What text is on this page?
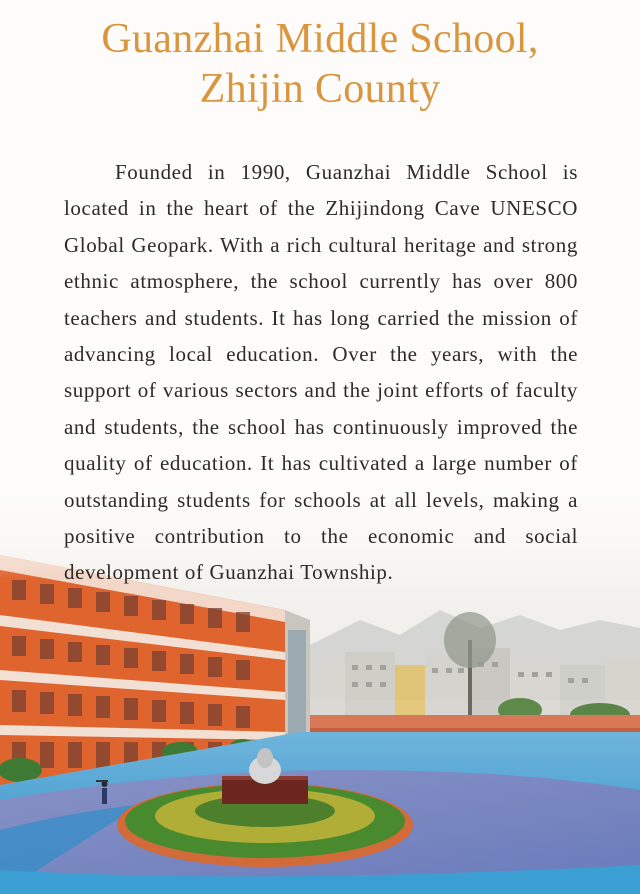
Guanzhai Middle School,
Zhijin County

Founded in 1990, Guanzhai Middle School is located in the heart of the Zhijindong Cave UNESCO Global Geopark. With a rich cultural heritage and strong ethnic atmosphere, the school currently has over 800 teachers and students. It has long carried the mission of advancing local education. Over the years, with the support of various sectors and the joint efforts of faculty and students, the school has continuously improved the quality of education. It has cultivated a large number of outstanding students for schools at all levels, making a positive contribution to the economic and social development of Guanzhai Township.
